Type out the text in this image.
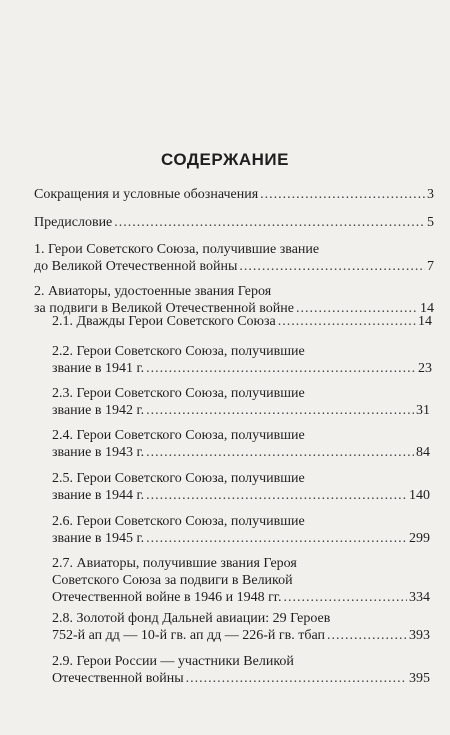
СОДЕРЖАНИЕ
Сокращения и условные обозначения .....	3
Предисловие .....	5
1. Герои Советского Союза, получившие звание
до Великой Отечественной войны .....	7
2. Авиаторы, удостоенные звания Героя
за подвиги в Великой Отечественной войне .....	14
2.1. Дважды Герои Советского Союза .....	14
2.2. Герои Советского Союза, получившие
звание в 1941 г. .....	23
2.3. Герои Советского Союза, получившие
звание в 1942 г. .....	31
2.4. Герои Советского Союза, получившие
звание в 1943 г. .....	84
2.5. Герои Советского Союза, получившие
звание в 1944 г. .....	140
2.6. Герои Советского Союза, получившие
звание в 1945 г. .....	299
2.7. Авиаторы, получившие звания Героя
Советского Союза за подвиги в Великой
Отечественной войне в 1946 и 1948 гг. .....	334
2.8. Золотой фонд Дальней авиации: 29 Героев
752-й ап дд — 10-й гв. ап дд — 226-й гв. тбап .....	393
2.9. Герои России — участники Великой
Отечественной войны .....	395
